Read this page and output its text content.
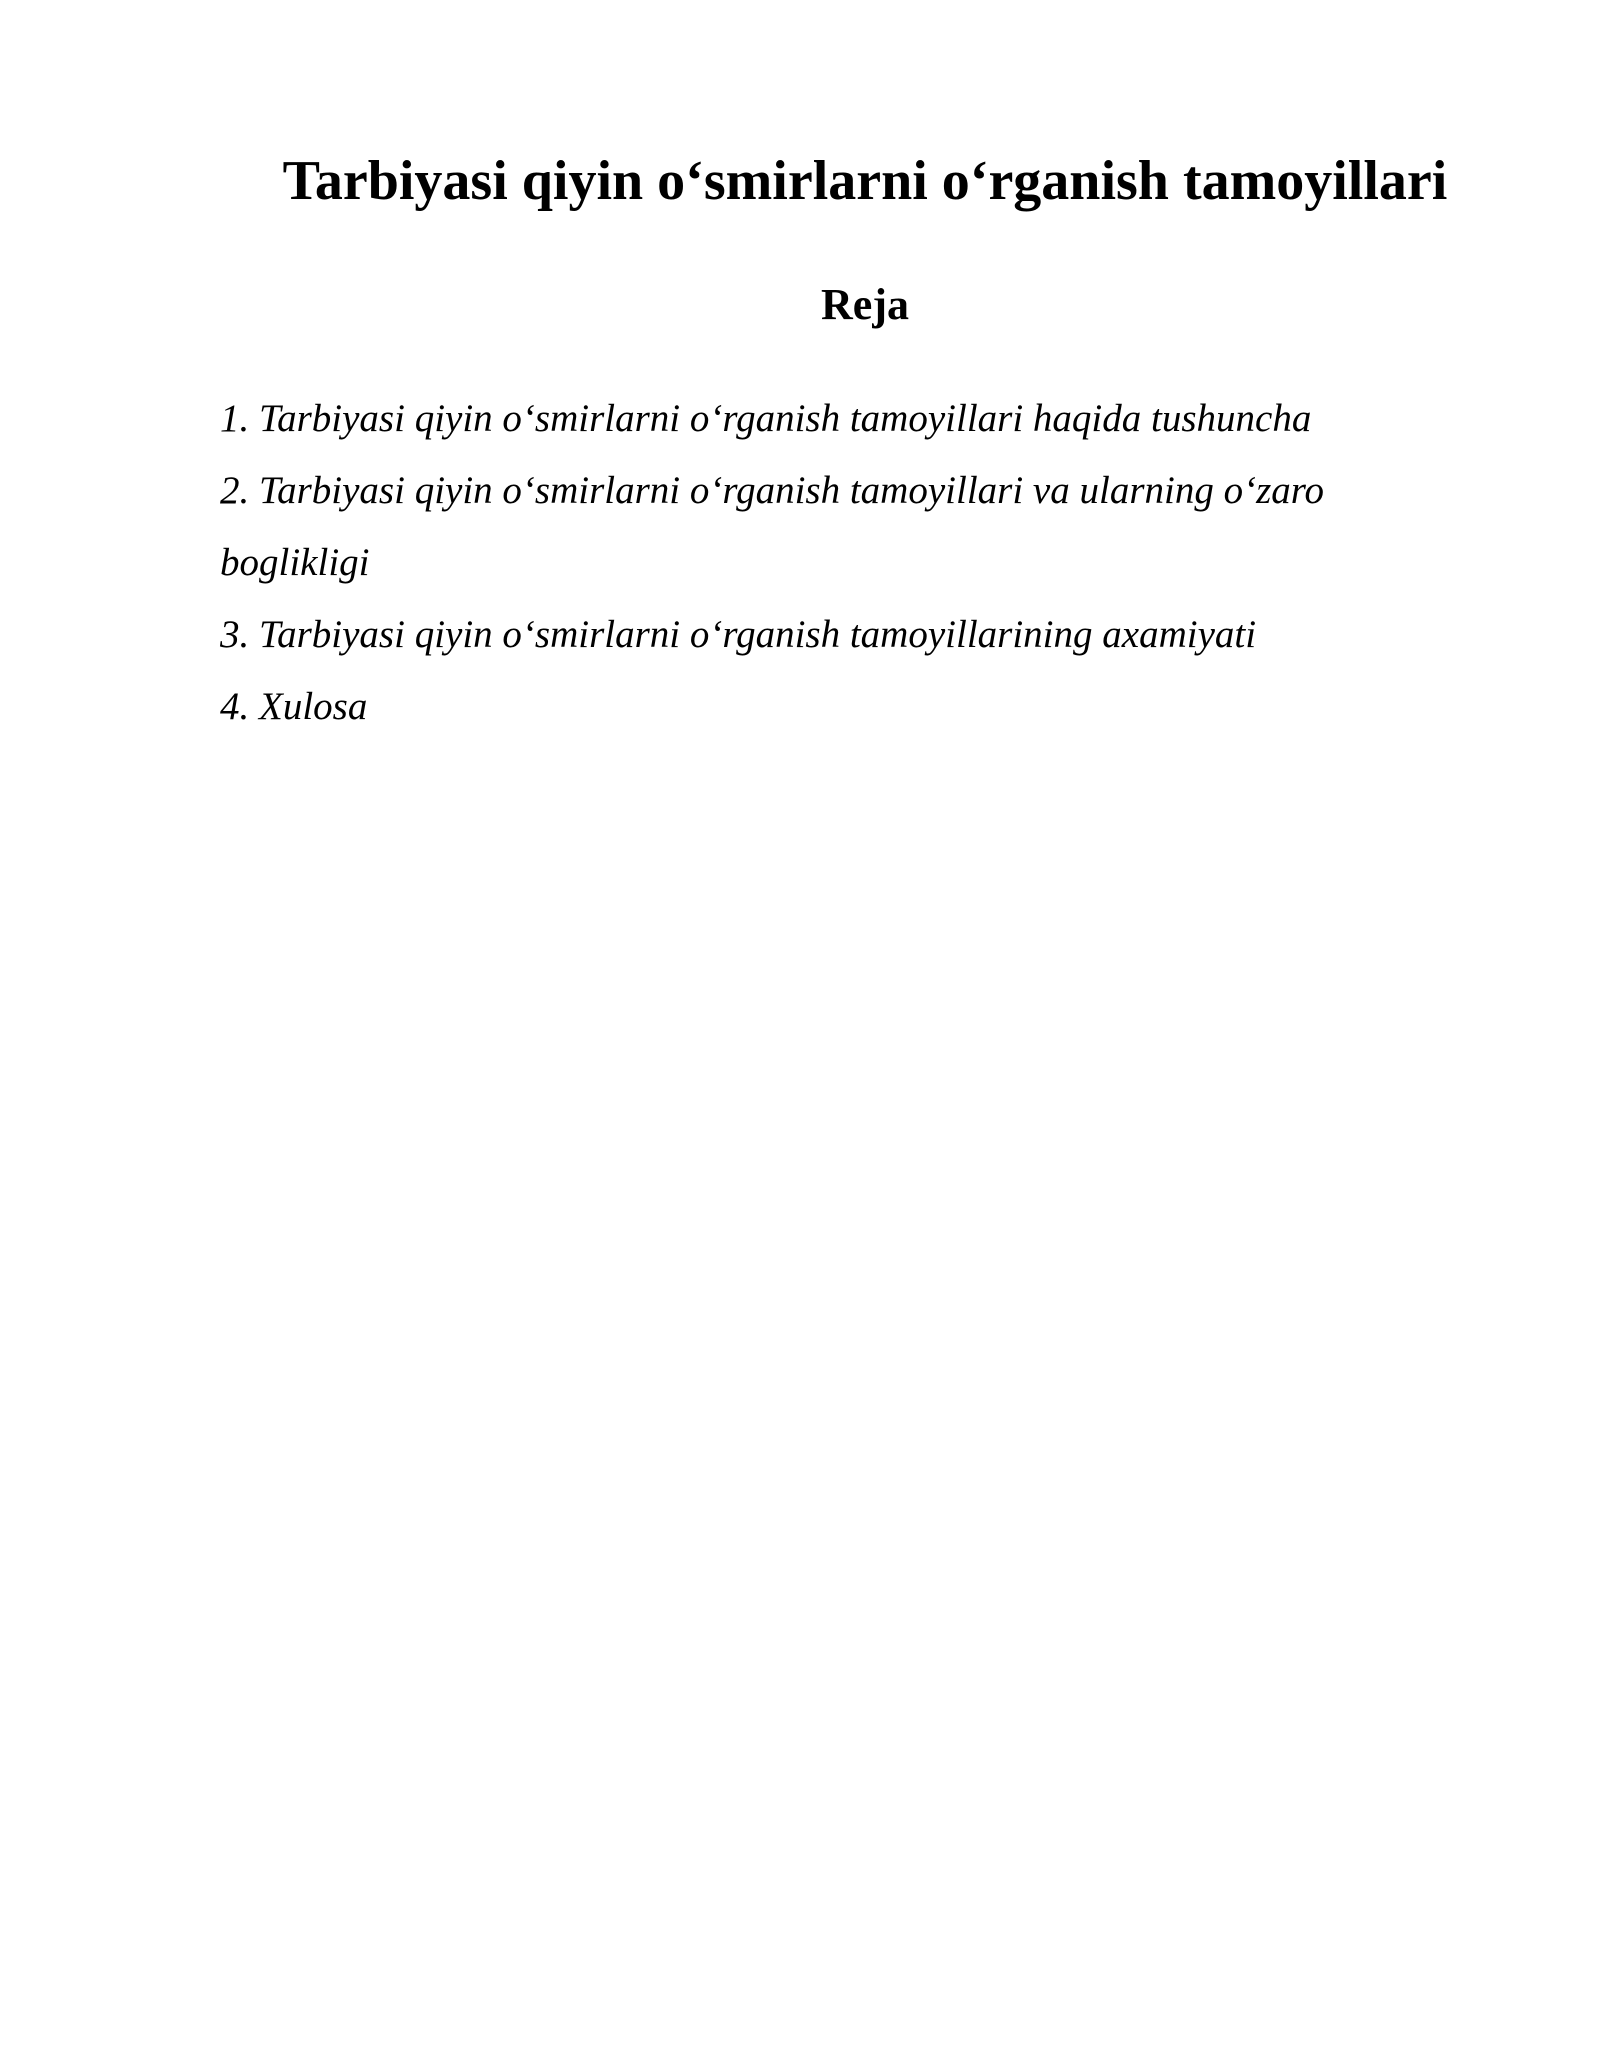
Tarbiyasi qiyin o‘smirlarni o‘rganish tamoyillari
Reja
1. Tarbiyasi qiyin o‘smirlarni o‘rganish tamoyillari haqida tushuncha
2. Tarbiyasi qiyin o‘smirlarni o‘rganish tamoyillari va ularning o‘zaro boglikligi
3. Tarbiyasi qiyin o‘smirlarni o‘rganish tamoyillarining axamiyati
4. Xulosa
